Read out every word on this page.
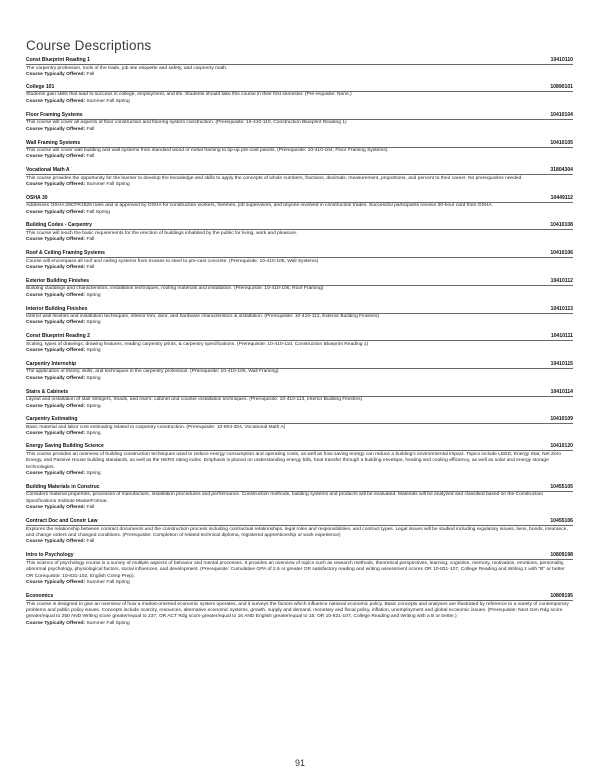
Course Descriptions
Const Blueprint Reading 1	10410110
The carpentry profession, tools of the trade, job site etiquette and safety, and carpentry math.
Course Typically Offered: Fall
College 101	10890101
Students gain skills that lead to success in college, employment, and life. Students should take this course in their first semester. (Pre-requisite: None.)
Course Typically Offered: Summer Fall Spring
Floor Framing Systems	10410104
This course will cover all aspects of floor construction and flooring system construction. (Prerequisite: 10-410-110, Construction Blueprint Reading 1)
Course Typically Offered: Fall
Wall Framing Systems	10410105
This course will cover wall building and wall systems from standard wood or metal framing to tip-up pre-cast panels. (Prerequisite: 10-410-104, Floor Framing Systems)
Course Typically Offered: Fall
Vocational Math A	31804304
This course provides the opportunity for the learner to develop the knowledge and skills to apply the concepts of whole numbers, fractions, decimals, measurement, proportions, and percent to their career. No prerequisites needed.
Course Typically Offered: Summer Fall Spring
OSHA 30	10449112
Addresses OSHA 29CFR1926 rules and is approved by OSHA for construction workers, foremen, job supervisors, and anyone involved in construction trades. Successful participants receive 30-hour card from OSHA.
Course Typically Offered: Fall Spring
Building Codes - Carpentry	10410108
This course will teach the basic requirements for the erection of buildings inhabited by the public for living, work and pleasure.
Course Typically Offered: Fall
Roof & Ceiling Framing Systems	10410106
Course will encompass all roof and ceiling systems from trusses to steel to pre-cast concrete. (Prerequisite: 10-410-105, Wall Systems)
Course Typically Offered: Fall
Exterior Building Finishes	10410112
Building claddings and characteristics, installation techniques, roofing materials and installation. (Prerequisite: 10-410-106, Roof Framing)
Course Typically Offered: Spring
Interior Building Finishes	10410113
Interior wall finishes and installation techniques, interior trim, door, and hardware characteristics & installation. (Prerequisite: 10-410-112, Exterior Building Finishes)
Course Typically Offered: Spring
Const Blueprint Reading 2	10410111
Scaling, types of drawings, drawing features, reading carpentry prints, & carpentry specifications. (Prerequisite: 10-410-110, Construction Blueprint Reading 1)
Course Typically Offered: Spring
Carpentry Internship	10410115
The application of theory, skills, and techniques in the carpentry profession. (Prerequisite: 10-410-105, Wall Framing)
Course Typically Offered: Spring
Stairs & Cabinets	10410114
Layout and installation of stair stringers, treads, and risers; cabinet and counter installation techniques. (Prerequisite: 10-410-113, Interior Building Finishes)
Course Typically Offered: Spring
Carpentry Estimating	10410109
Basic material and labor cost estimating related to carpentry construction. (Prerequisite: 10-804-304, Vocational Math A)
Course Typically Offered: Spring
Energy Saving Building Science	10410120
This course provides an overview of building construction techniques used to reduce energy consumption and operating costs, as well as how saving energy can reduce a building's environmental impact. Topics include LEED, Energy Star, Net Zero Energy, and Passive House building standards, as well as the HERS rating index. Emphasis is placed on understanding energy bills, heat transfer through a building envelope, heating and cooling efficiency, as well as solar and energy storage technologies.
Course Typically Offered: Spring
Building Materials in Construc	10455105
Considers material properties, processes of manufacture, installation procedures and performance. Construction methods, building systems and products will be evaluated. Materials will be analyzed and classified based on the Construction Specifications Institute MasterFormat.
Course Typically Offered: Fall
Contract Doc and Constr Law	10455106
Explores the relationship between contract documents and the construction process including contractual relationships, legal roles and responsibilities, and contract types. Legal issues will be studied including regulatory issues, liens, bonds, insurance, and change orders and changed conditions. (Prerequisite: Completion of related technical diploma, registered apprenticeship or work experience)
Course Typically Offered: Fall
Intro to Psychology	10809198
This science of psychology course is a survey of multiple aspects of behavior and mental processes. It provides an overview of topics such as research methods, theoretical perspectives, learning, cognition, memory, motivation, emotions, personality, abnormal psychology, physiological factors, social influences, and development. (Prerequisite: Cumulative GPA of 2.6 or greater OR satisfactory reading and writing assessment scores OR 10-831-107, College Reading and Writing 1 with "B" or better OR Corequisite: 10-831-102, English Comp Prep).
Course Typically Offered: Summer Fall Spring
Economics	10809195
This course is designed to give an overview of how a market-oriented economic system operates, and it surveys the factors which influence national economic policy. Basic concepts and analyses are illustrated by reference to a variety of contemporary problems and public policy issues. Concepts include scarcity, resources, alternative economic systems, growth, supply and demand, monetary and fiscal policy, inflation, unemployment and global economic issues. (Prerequisite: Next Gen Rdg score greater/equal to 250 AND Writing score greater/equal to 237, OR ACT Rdg score greater/equal to 16 AND English greater/equal to 15; OR 10-831-107, College Reading and Writing with a B or better.)
Course Typically Offered: Summer Fall Spring
91
